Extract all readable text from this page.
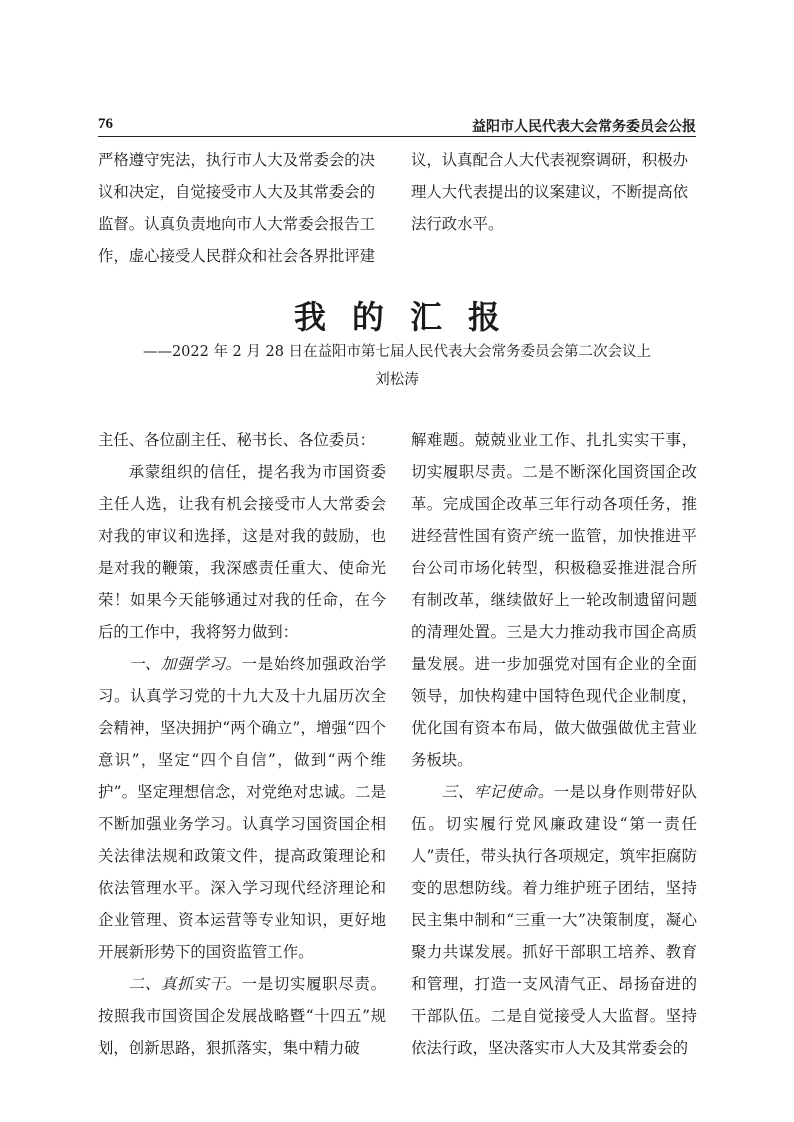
76	益阳市人民代表大会常务委员会公报
严格遵守宪法，执行市人大及常委会的决
议和决定，自觉接受市人大及其常委会的
监督。认真负责地向市人大常委会报告工
作，虚心接受人民群众和社会各界批评建
议，认真配合人大代表视察调研，积极办
理人大代表提出的议案建议，不断提高依
法行政水平。
我的汇报
——2022 年 2 月 28 日在益阳市第七届人民代表大会常务委员会第二次会议上
刘松涛

主任、各位副主任、秘书长、各位委员：

承蒙组织的信任，提名我为市国资委主任人选，让我有机会接受市人大常委会对我的审议和选择，这是对我的鼓励，也是对我的鞭策，我深感责任重大、使命光荣！如果今天能够通过对我的任命，在今后的工作中，我将努力做到：

一、加强学习。一是始终加强政治学习。认真学习党的十九大及十九届历次全会精神，坚决拥护“两个确立”，增强“四个意识”，坚定“四个自信”，做到“两个维护”。坚定理想信念，对党绝对忠诚。二是不断加强业务学习。认真学习国资国企相关法律法规和政策文件，提高政策理论和依法管理水平。深入学习现代经济理论和企业管理、资本运营等专业知识，更好地开展新形势下的国资监管工作。

二、真抓实干。一是切实履职尽责。按照我市国资国企发展战略暨“十四五”规划，创新思路，狠抓落实，集中精力破

解难题。兢兢业业工作、扎扎实实干事，切实履职尽责。二是不断深化国资国企改革。完成国企改革三年行动各项任务，推进经营性国有资产统一监管，加快推进平台公司市场化转型，积极稳妥推进混合所有制改革，继续做好上一轮改制遗留问题的清理处置。三是大力推动我市国企高质量发展。进一步加强党对国有企业的全面领导，加快构建中国特色现代企业制度，优化国有资本布局，做大做强做优主营业务板块。

三、牢记使命。一是以身作则带好队伍。切实履行党风廉政建设“第一责任人”责任，带头执行各项规定，筑牢拒腐防变的思想防线。着力维护班子团结，坚持民主集中制和“三重一大”决策制度，凝心聚力共谋发展。抓好干部职工培养、教育和管理，打造一支风清气正、昂扬奋进的干部队伍。二是自觉接受人大监督。坚持依法行政，坚决落实市人大及其常委会的
